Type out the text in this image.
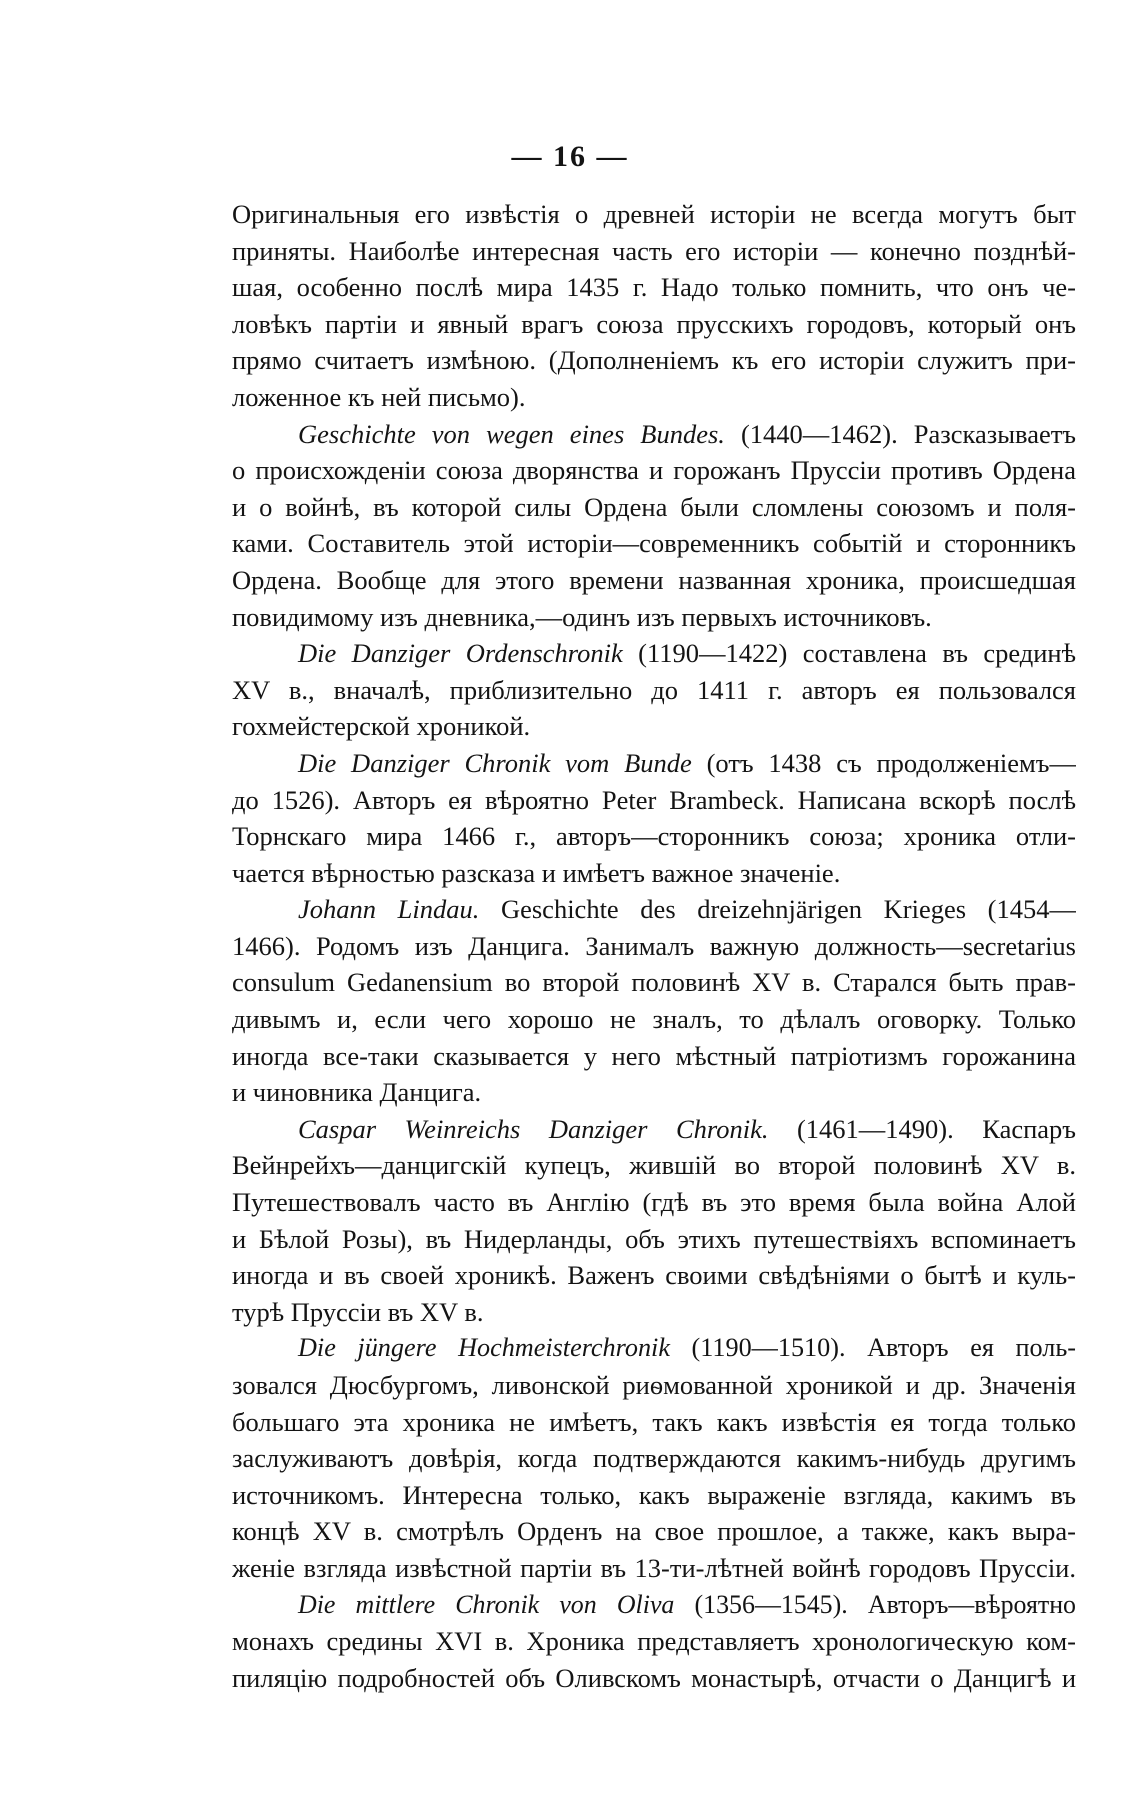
— 16 —
Оригинальныя его извѣстія о древней исторіи не всегда могутъ быт
приняты. Наиболѣе интересная часть его исторіи — конечно позднѣй-
шая, особенно послѣ мира 1435 г. Надо только помнить, что онъ че-
ловѣкъ партіи и явный врагъ союза прусскихъ городовъ, который онъ
прямо считаетъ измѣною. (Дополненіемъ къ его исторіи служитъ при-
ложенное къ ней письмо).
Geschichte von wegen eines Bundes. (1440—1462). Разсказываетъ
о происхожденіи союза дворянства и горожанъ Пруссіи противъ Ордена
и о войнѣ, въ которой силы Ордена были сломлены союзомъ и поля-
ками. Составитель этой исторіи—современникъ событій и сторонникъ
Ордена. Вообще для этого времени названная хроника, происшедшая
повидимому изъ дневника,—одинъ изъ первыхъ источниковъ.
Die Danziger Ordenschronik (1190—1422) составлена въ срединѣ
XV в., вначалѣ, приблизительно до 1411 г. авторъ ея пользовался
гохмейстерской хроникой.
Die Danziger Chronik vom Bunde (отъ 1438 съ продолженіемъ—
до 1526). Авторъ ея вѣроятно Peter Brambeck. Написана вскорѣ послѣ
Торнскаго мира 1466 г., авторъ—сторонникъ союза; хроника отли-
чается вѣрностью разсказа и имѣетъ важное значеніе.
Johann Lindau. Geschichte des dreizehnjärigen Krieges (1454—
1466). Родомъ изъ Данцига. Занималъ важную должность—secretarius
consulum Gedanensium во второй половинѣ XV в. Старался быть прав-
дивымъ и, если чего хорошо не зналъ, то дѣлалъ оговорку. Только
иногда все-таки сказывается у него мѣстный патріотизмъ горожанина
и чиновника Данцига.
Caspar Weinreichs Danziger Chronik. (1461—1490). Каспаръ
Вейнрейхъ—данцигскій купецъ, жившій во второй половинѣ XV в.
Путешествовалъ часто въ Англію (гдѣ въ это время была война Алой
и Бѣлой Розы), въ Нидерланды, объ этихъ путешествіяхъ вспоминаетъ
иногда и въ своей хроникѣ. Важенъ своими свѣдѣніями о бытѣ и куль-
турѣ Пруссіи въ XV в.
Die jüngere Hochmeisterchronik (1190—1510). Авторъ ея поль-
зовался Дюсбургомъ, ливонской риѳмованной хроникой и др. Значенія
большаго эта хроника не имѣетъ, такъ какъ извѣстія ея тогда только
заслуживаютъ довѣрія, когда подтверждаются какимъ-нибудь другимъ
источникомъ. Интересна только, какъ выраженіе взгляда, какимъ въ
концѣ XV в. смотрѣлъ Орденъ на свое прошлое, а также, какъ выра-
женіе взгляда извѣстной партіи въ 13-ти-лѣтней войнѣ городовъ Пруссіи.
Die mittlere Chronik von Oliva (1356—1545). Авторъ—вѣроятно
монахъ средины XVI в. Хроника представляетъ хронологическую ком-
пиляцію подробностей объ Оливскомъ монастырѣ, отчасти о Данцигѣ и
